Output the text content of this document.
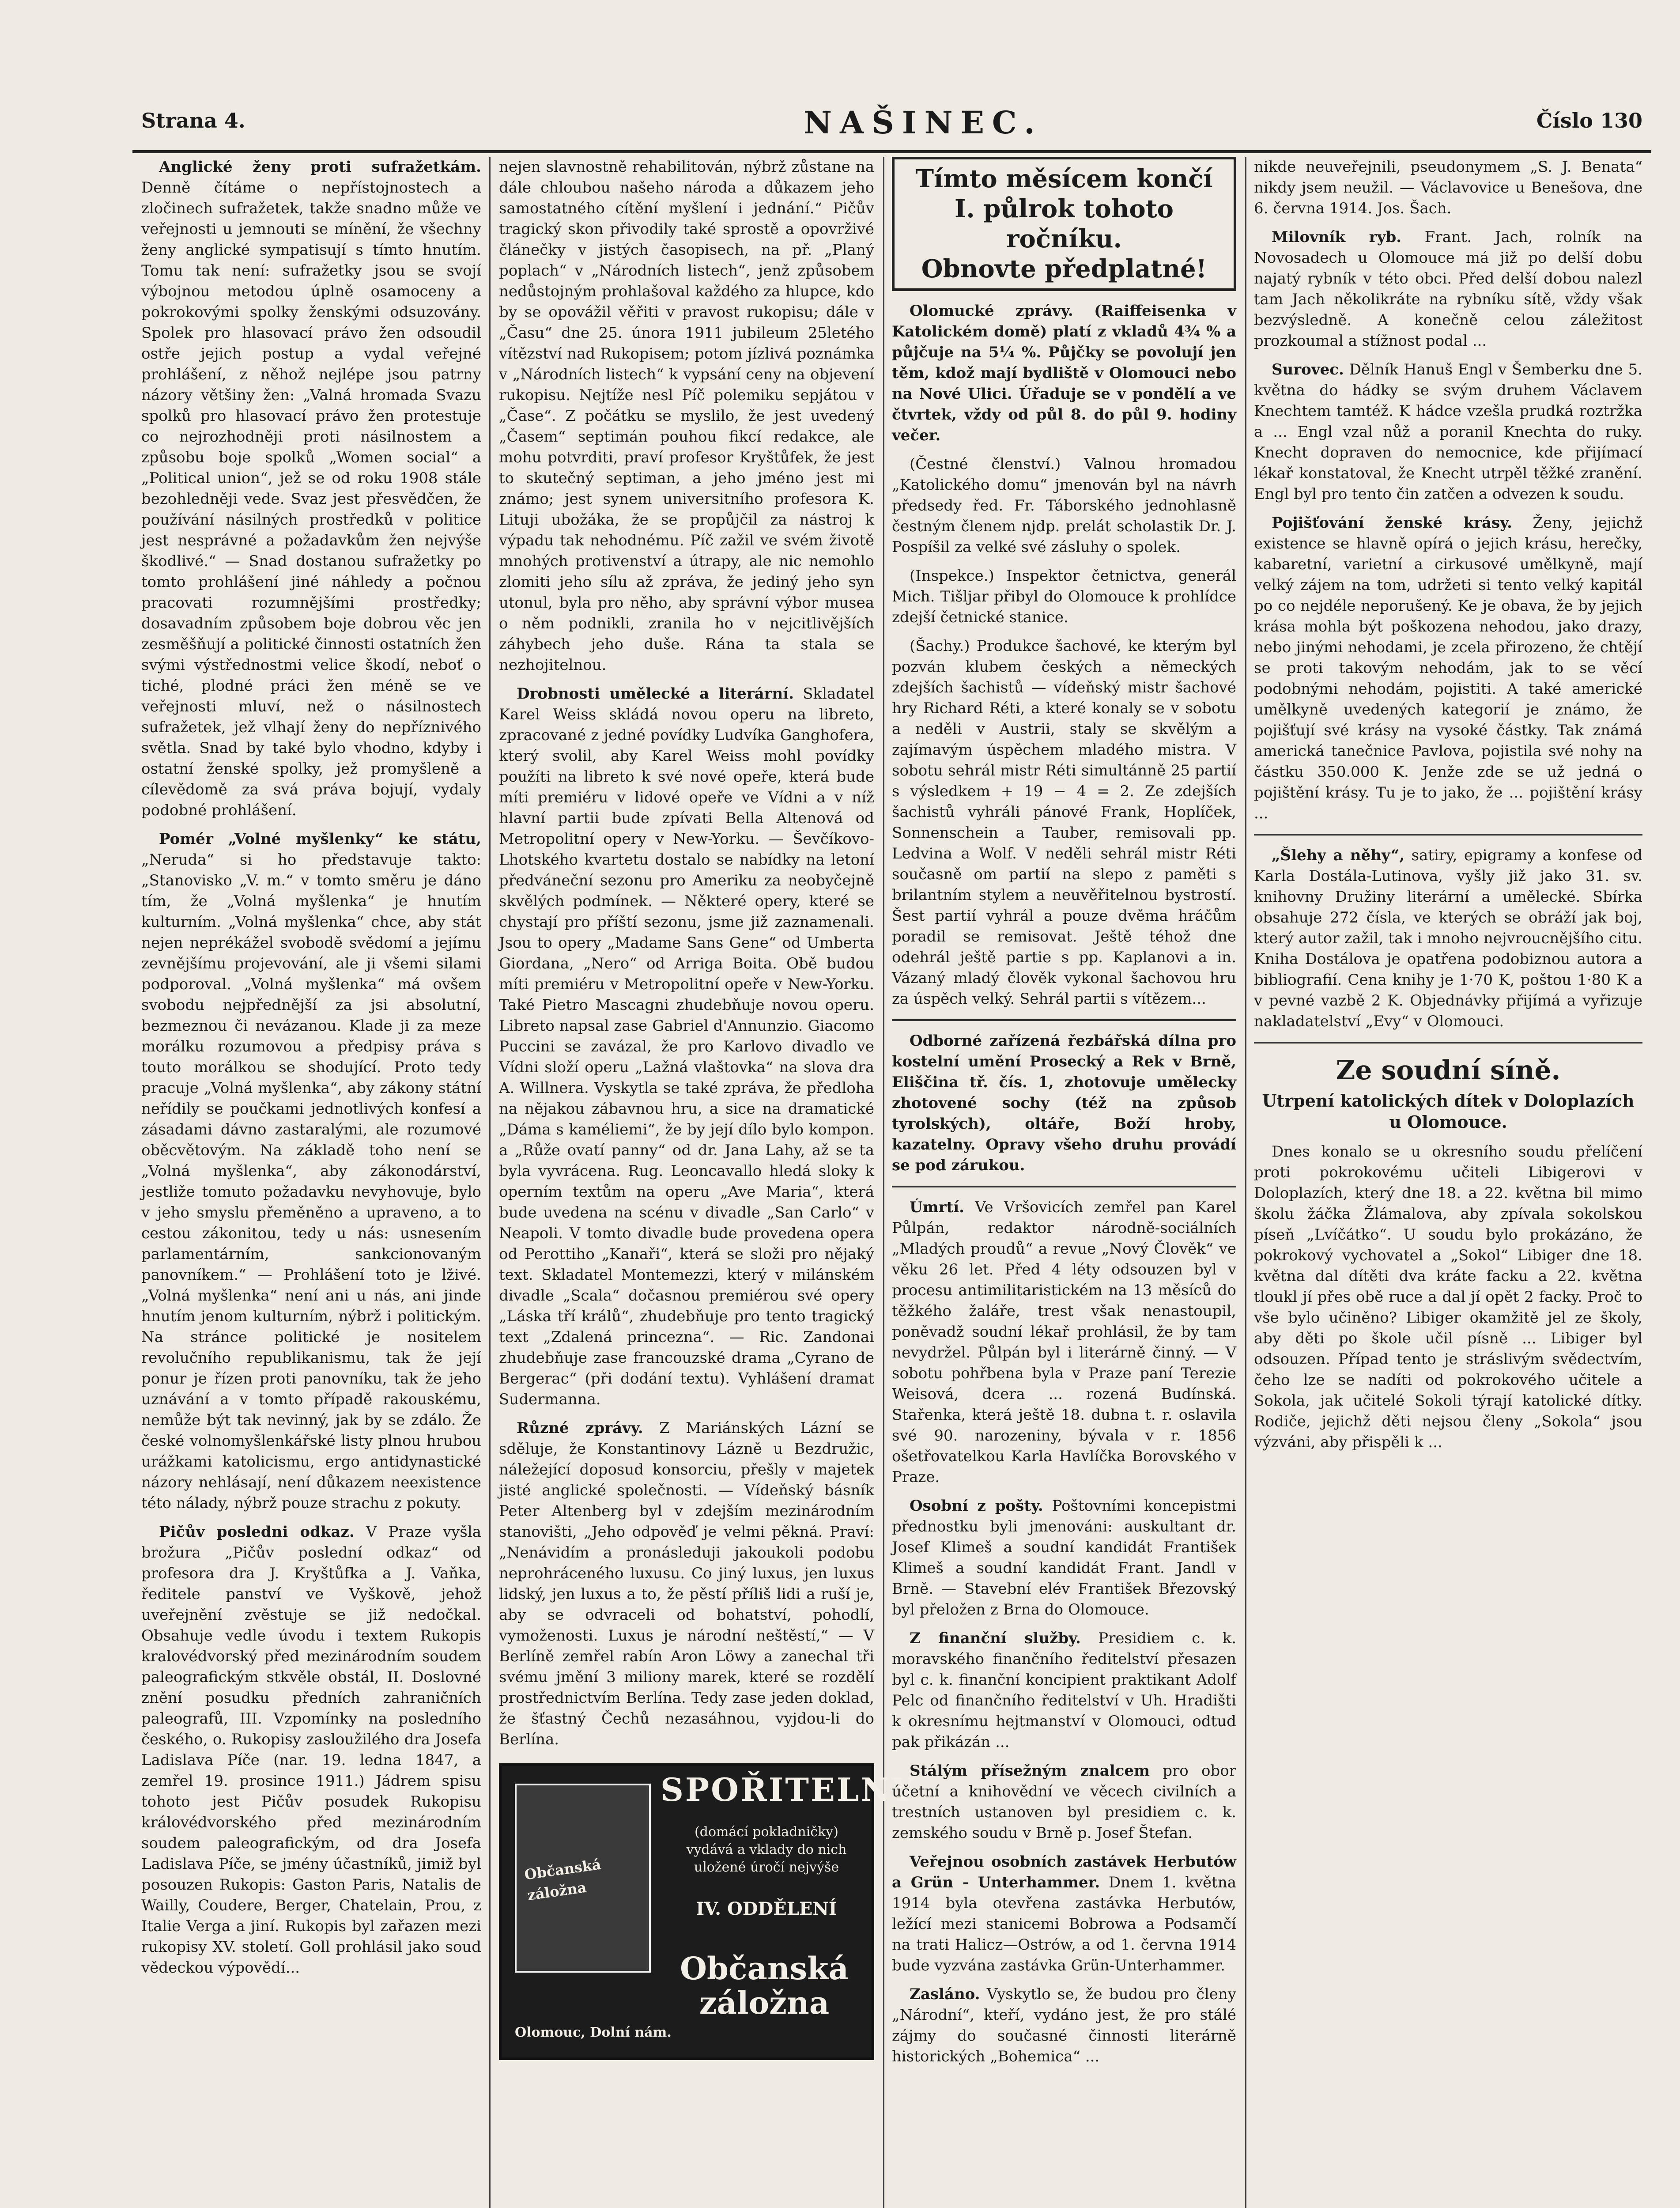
Strana 4.	NAŠINEC.	Číslo 130

Anglické ženy proti sufražetkám. Denně čítáme o nepřístojnostech a zločinech sufražetek, takže snadno může ve veřejnosti u jemnouti se mínění, že všechny ženy anglické sympatisují s tímto hnutím. Tomu tak není: sufražetky jsou se svojí výbojnou metodou úplně osamoceny a pokrokovými spolky ženskými odsuzovány. Spolek pro hlasovací právo žen odsoudil ostře jejich postup a vydal veřejné prohlášení, z něhož nejlépe jsou patrny názory většiny žen: „Valná hromada Svazu spolků pro hlasovací právo žen protestuje co nejrozhodněji proti násilnostem a způsobu boje spolků „Women social“ a „Political union“, jež se od roku 1908 stále bezohledněji vede. Svaz jest přesvědčen, že používání násilných prostředků v politice jest nesprávné a požadavkům žen nejvýše škodlivé.“ — Snad dostanou sufražetky po tomto prohlášení jiné náhledy a počnou pracovati rozumnějšími prostředky; dosavadním způsobem boje dobrou věc jen zesměšňují a politické činnosti ostatních žen svými výstřednostmi velice škodí, neboť o tiché, plodné práci žen méně se ve veřejnosti mluví, než o násilnostech sufražetek, jež vlhají ženy do nepříznivého světla. Snad by také bylo vhodno, kdyby i ostatní ženské spolky, jež promyšleně a cílevědomě za svá práva bojují, vydaly podobné prohlášení.

Pomér „Volné myšlenky“ ke státu, „Neruda“ si ho představuje takto: „Stanovisko „V. m.“ v tomto směru je dáno tím, že „Volná myšlenka“ je hnutím kulturním. „Volná myšlenka“ chce, aby stát nejen neprékážel svobodě svědomí a jejímu zevnějšímu projevování, ale ji všemi silami podporoval. „Volná myšlenka“ má ovšem svobodu nejpřednější za jsi absolutní, bezmeznou či nevázanou. Klade ji za meze morálku rozumovou a předpisy práva s touto morálkou se shodující. Proto tedy pracuje „Volná myšlenka“, aby zákony státní neřídily se poučkami jednotlivých konfesí a zásadami dávno zastaralými, ale rozumové oběcvětovým. Na základě toho není se „Volná myšlenka“, aby zákonodárství, jestliže tomuto požadavku nevyhovuje, bylo v jeho smyslu přeměněno a upraveno, a to cestou zákonitou, tedy u nás: usnesením parlamentárním, sankcionovaným panovníkem.“ — Prohlášení toto je lživé. „Volná myšlenka“ není ani u nás, ani jinde hnutím jenom kulturním, nýbrž i politickým. Na stránce politické je nositelem revolučního republikanismu, tak že její ponur je řízen proti panovníku, tak že jeho uznávání a v tomto případě rakouskému, nemůže být tak nevinný, jak by se zdálo. Že české volnomyšlenkářské listy plnou hrubou urážkami katolicismu, ergo antidynastické názory nehlásají, není důkazem neexistence této nálady, nýbrž pouze strachu z pokuty.

Pičův posledni odkaz. V Praze vyšla brožura „Pičův poslední odkaz“ od profesora dra J. Kryštůfka a J. Vaňka, ředitele panství ve Vyškově, jehož uveřejnění zvěstuje se již nedočkal. Obsahuje vedle úvodu i textem Rukopis kralovédvorský před mezinárodním soudem paleografickým stkvěle obstál, II. Doslovné znění posudku předních zahraničních paleografů, III. Vzpomínky na posledního českého, o. Rukopisy zasloužilého dra Josefa Ladislava Píče (nar. 19. ledna 1847, a zemřel 19. prosince 1911.) Jádrem spisu tohoto jest Pičův posudek Rukopisu královédvorského před mezinárodním soudem paleografickým, od dra Josefa Ladislava Píče, se jmény účastníků, jimiž byl posouzen Rukopis: Gaston Paris, Natalis de Wailly, Coudere, Berger, Chatelain, Prou, z Italie Verga a jiní. Rukopis byl zařazen mezi rukopisy XV. století. Goll prohlásil jako soud vědeckou výpovědí...

nejen slavnostně rehabilitován, nýbrž zůstane na dále chloubou našeho národa a důkazem jeho samostatného cítění myšlení i jednání.“ Pičův tragický skon přivodily také sprostě a opovrživé článečky v jistých časopisech, na př. „Planý poplach“ v „Národních listech“, jenž způsobem nedůstojným prohlašoval každého za hlupce, kdo by se opovážil věřiti v pravost rukopisu; dále v „Času“ dne 25. února 1911 jubileum 25letého vítězství nad Rukopisem; potom jízlivá poznámka v „Národních listech“ k vypsání ceny na objevení rukopisu. Nejtíže nesl Píč polemiku sepjátou v „Čase“. Z počátku se myslilo, že jest uvedený „Časem“ septimán pouhou fikcí redakce, ale mohu potvrditi, praví profesor Kryštůfek, že jest to skutečný septiman, a jeho jméno jest mi známo; jest synem universitního profesora K. Lituji ubožáka, že se propůjčil za nástroj k výpadu tak nehodnému. Píč zažil ve svém životě mnohých protivenství a útrapy, ale nic nemohlo zlomiti jeho sílu až zpráva, že jediný jeho syn utonul, byla pro něho, aby správní výbor musea o něm podnikli, zranila ho v nejcitlivějších záhybech jeho duše. Rána ta stala se nezhojitelnou.

Drobnosti umělecké a literární. Skladatel Karel Weiss skládá novou operu na libreto, zpracované z jedné povídky Ludvíka Ganghofera, který svolil, aby Karel Weiss mohl povídky použíti na libreto k své nové opeře, která bude míti premiéru v lidové opeře ve Vídni a v níž hlavní partii bude zpívati Bella Altenová od Metropolitní opery v New-Yorku. — Ševčíkovo-Lhotského kvartetu dostalo se nabídky na letoní předváneční sezonu pro Ameriku za neobyčejně skvělých podmínek. — Některé opery, které se chystají pro příští sezonu, jsme již zaznamenali. Jsou to opery „Madame Sans Gene“ od Umberta Giordana, „Nero“ od Arriga Boita. Obě budou míti premiéru v Metropolitní opeře v New-Yorku. Také Pietro Mascagni zhudebňuje novou operu. Libreto napsal zase Gabriel d'Annunzio. Giacomo Puccini se zavázal, že pro Karlovo divadlo ve Vídni složí operu „Lažná vlaštovka“ na slova dra A. Willnera. Vyskytla se také zpráva, že předloha na nějakou zábavnou hru, a sice na dramatické „Dáma s kaméliemi“, že by její dílo bylo kompon. a „Růže ovatí panny“ od dr. Jana Lahy, až se ta byla vyvrácena. Rug. Leoncavallo hledá sloky k operním textům na operu „Ave Maria“, která bude uvedena na scénu v divadle „San Carlo“ v Neapoli. V tomto divadle bude provedena opera od Perottiho „Kanaři“, která se složi pro nějaký text. Skladatel Montemezzi, který v milánském divadle „Scala“ dočasnou premiérou své opery „Láska tří králů“, zhudebňuje pro tento tragický text „Zdalená princezna“. — Ric. Zandonai zhudebňuje zase francouzské drama „Cyrano de Bergerac“ (při dodání textu). Vyhlášení dramat Sudermanna.

Různé zprávy. Z Mariánských Lázní se sděluje, že Konstantinovy Lázně u Bezdružic, náležející doposud konsorciu, přešly v majetek jisté anglické společnosti. — Vídeňský básník Peter Altenberg byl v zdejším mezinárodním stanovišti, „Jeho odpověď je velmi pěkná. Praví: „Nenávidím a pronásleduji jakoukoli podobu neprohráceného luxusu. Co jiný luxus, jen luxus lidský, jen luxus a to, že pěstí příliš lidi a ruší je, aby se odvraceli od bohatství, pohodlí, vymoženosti. Luxus je národní neštěstí,“ — V Berlíně zemřel rabín Aron Löwy a zanechal tři svému jmění 3 miliony marek, které se rozdělí prostřednictvím Berlína. Tedy zase jeden doklad, že šťastný Čechů nezasáhnou, vyjdou-li do Berlína.

Občanská záložna
SPOŘITELNY
(domácí pokladničky) vydává a vklady do nich uložené úročí nejvýše
IV. ODDĚLENÍ
Občanská záložna
Olomouc, Dolní nám.
Tímto měsícem končí
I. půlrok tohoto ročníku.
Obnovte předplatné!

Olomucké zprávy. (Raiffeisenka v Katolickém domě) platí z vkladů 4¾ % a půjčuje na 5¼ %. Půjčky se povolují jen těm, kdož mají bydliště v Olomouci nebo na Nové Ulici. Úřaduje se v pondělí a ve čtvrtek, vždy od půl 8. do půl 9. hodiny večer.

(Čestné členství.) Valnou hromadou „Katolického domu“ jmenován byl na návrh předsedy řed. Fr. Táborského jednohlasně čestným členem njdp. prelát scholastik Dr. J. Pospíšil za velké své zásluhy o spolek.

(Inspekce.) Inspektor četnictva, generál Mich. Tišljar přibyl do Olomouce k prohlídce zdejší četnické stanice.

(Šachy.) Produkce šachové, ke kterým byl pozván klubem českých a německých zdejších šachistů — vídeňský mistr šachové hry Richard Réti, a které konaly se v sobotu a neděli v Austrii, staly se skvělým a zajímavým úspěchem mladého mistra. V sobotu sehrál mistr Réti simultánně 25 partií s výsledkem + 19 − 4 = 2. Ze zdejších šachistů vyhráli pánové Frank, Hoplíček, Sonnenschein a Tauber, remisovali pp. Ledvina a Wolf. V neděli sehrál mistr Réti současně om partií na slepo z paměti s brilantním stylem a neuvěřitelnou bystrostí. Šest partií vyhrál a pouze dvěma hráčům poradil se remisovat. Ještě téhož dne odehrál ještě partie s pp. Kaplanovi a in. Vázaný mladý člověk vykonal šachovou hru za úspěch velký. Sehrál partii s vítězem...

Odborné zařízená řezbářská dílna pro kostelní umění Prosecký a Rek v Brně, Eliščina tř. čís. 1, zhotovuje umělecky zhotovené sochy (též na způsob tyrolských), oltáře, Boží hroby, kazatelny. Opravy všeho druhu provádí se pod zárukou.

Úmrtí. Ve Vršovicích zemřel pan Karel Půlpán, redaktor národně-sociálních „Mladých proudů“ a revue „Nový Člověk“ ve věku 26 let. Před 4 léty odsouzen byl v procesu antimilitaristickém na 13 měsíců do těžkého žaláře, trest však nenastoupil, poněvadž soudní lékař prohlásil, že by tam nevydržel. Půlpán byl i literárně činný. — V sobotu pohřbena byla v Praze paní Terezie Weisová, dcera ... rozená Budínská. Stařenka, která ještě 18. dubna t. r. oslavila své 90. narozeniny, bývala v r. 1856 ošetřovatelkou Karla Havlíčka Borovského v Praze.

Osobní z pošty. Poštovními koncepistmi přednostku byli jmenováni: auskultant dr. Josef Klimeš a soudní kandidát František Klimeš a soudní kandidát Frant. Jandl v Brně. — Stavební elév František Březovský byl přeložen z Brna do Olomouce.

Z finanční služby. Presidiem c. k. moravského finančního ředitelství přesazen byl c. k. finanční koncipient praktikant Adolf Pelc od finančního ředitelství v Uh. Hradišti k okresnímu hejtmanství v Olomouci, odtud pak přikázán ...

Stálým přísežným znalcem pro obor účetní a knihovědní ve věcech civilních a trestních ustanoven byl presidiem c. k. zemského soudu v Brně p. Josef Štefan.

Veřejnou osobních zastávek Herbutów a Grün - Unterhammer. Dnem 1. května 1914 byla otevřena zastávka Herbutów, ležící mezi stanicemi Bobrowa a Podsamčí na trati Halicz—Ostrów, a od 1. června 1914 bude vyzvána zastávka Grün-Unterhammer.

Zasláno. Vyskytlo se, že budou pro členy „Národní“, kteří, vydáno jest, že pro stálé zájmy do současné činnosti literárně historických „Bohemica“ ...

nikde neuveřejnili, pseudonymem „S. J. Benata“ nikdy jsem neužil. — Václavovice u Benešova, dne 6. června 1914. Jos. Šach.

Milovník ryb. Frant. Jach, rolník na Novosadech u Olomouce má již po delší dobu najatý rybník v této obci. Před delší dobou nalezl tam Jach několikráte na rybníku sítě, vždy však bezvýsledně. A konečně celou záležitost prozkoumal a stížnost podal ...

Surovec. Dělník Hanuš Engl v Šemberku dne 5. května do hádky se svým druhem Václavem Knechtem tamtéž. K hádce vzešla prudká roztržka a ... Engl vzal nůž a poranil Knechta do ruky. Knecht dopraven do nemocnice, kde přijímací lékař konstatoval, že Knecht utrpěl těžké zranění. Engl byl pro tento čin zatčen a odvezen k soudu.

Pojišťování ženské krásy. Ženy, jejichž existence se hlavně opírá o jejich krásu, herečky, kabaretní, varietní a cirkusové umělkyně, mají velký zájem na tom, udržeti si tento velký kapitál po co nejdéle neporušený. Ke je obava, že by jejich krása mohla být poškozena nehodou, jako drazy, nebo jinými nehodami, je zcela přirozeno, že chtějí se proti takovým nehodám, jak to se věcí podobnými nehodám, pojistiti. A také americké umělkyně uvedených kategorií je známo, že pojišťují své krásy na vysoké částky. Tak známá americká tanečnice Pavlova, pojistila své nohy na částku 350.000 K. Jenže zde se už jedná o pojištění krásy. Tu je to jako, že ... pojištění krásy ...

„Šlehy a něhy“, satiry, epigramy a konfese od Karla Dostála-Lutinova, vyšly již jako 31. sv. knihovny Družiny literární a umělecké. Sbírka obsahuje 272 čísla, ve kterých se obráží jak boj, který autor zažil, tak i mnoho nejvroucnějšího citu. Kniha Dostálova je opatřena podobiznou autora a bibliografií. Cena knihy je 1·70 K, poštou 1·80 K a v pevné vazbě 2 K. Objednávky přijímá a vyřizuje nakladatelství „Evy“ v Olomouci.

Ze soudní síně.
Utrpení katolických dítek v Doloplazích u Olomouce.

Dnes konalo se u okresního soudu přelíčení proti pokrokovému učiteli Libigerovi v Doloplazích, který dne 18. a 22. května bil mimo školu žáčka Žlámalova, aby zpívala sokolskou píseň „Lvíčátko“. U soudu bylo prokázáno, že pokrokový vychovatel a „Sokol“ Libiger dne 18. května dal dítěti dva kráte facku a 22. května tloukl jí přes obě ruce a dal jí opět 2 facky. Proč to vše bylo učiněno? Libiger okamžitě jel ze školy, aby děti po škole učil písně ... Libiger byl odsouzen. Případ tento je stráslivým svědectvím, čeho lze se nadíti od pokrokového učitele a Sokola, jak učitelé Sokoli týrají katolické dítky. Rodiče, jejichž děti nejsou členy „Sokola“ jsou výzváni, aby přispěli k ...
